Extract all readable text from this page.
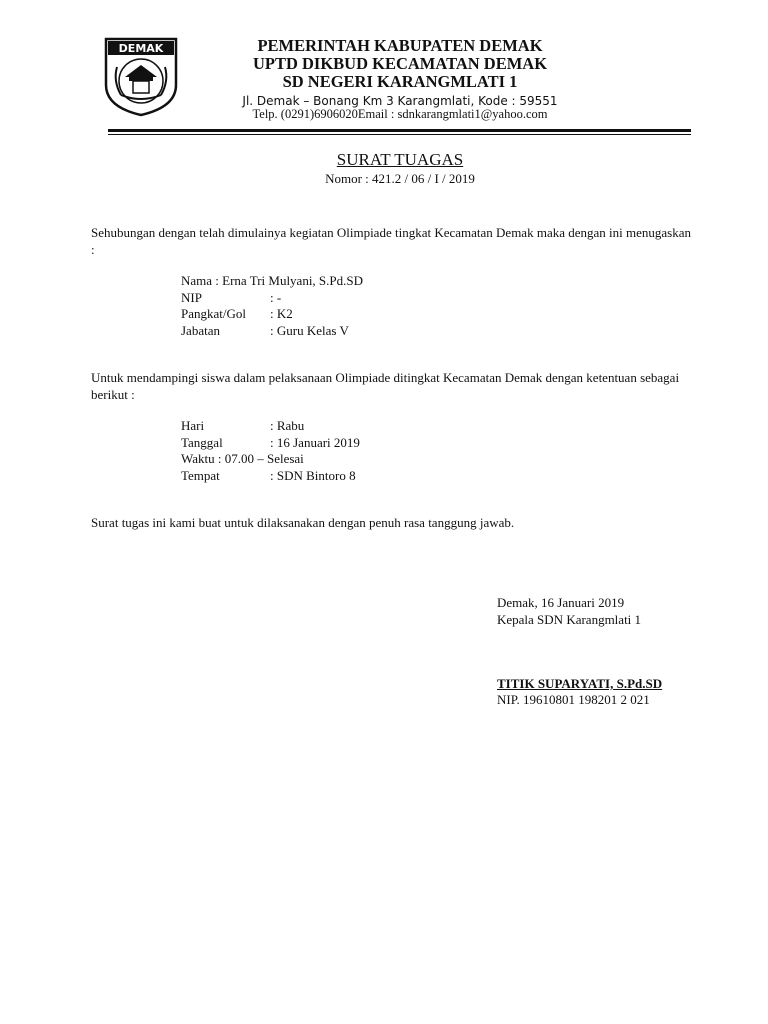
DEMAK	PEMERINTAH KABUPATEN DEMAK
UPTD DIKBUD KECAMATAN DEMAK
SD NEGERI KARANGMLATI 1
Jl. Demak – Bonang Km 3 Karangmlati, Kode : 59551
Telp. (0291)6906020Email : sdnkarangmlati1@yahoo.com
SURAT TUAGAS
Nomor : 421.2 / 06 / I / 2019
Sehubungan dengan telah dimulainya kegiatan Olimpiade tingkat Kecamatan Demak maka dengan ini menugaskan :
Nama : Erna Tri Mulyani, S.Pd.SD
NIP	: -
Pangkat/Gol : K2
Jabatan	: Guru Kelas V
Untuk mendampingi siswa dalam pelaksanaan Olimpiade ditingkat Kecamatan Demak dengan ketentuan sebagai berikut :
Hari	: Rabu
Tanggal	: 16 Januari 2019
Waktu : 07.00 – Selesai
Tempat	: SDN Bintoro 8
Surat tugas ini kami buat untuk dilaksanakan dengan penuh rasa tanggung jawab.
Demak, 16 Januari 2019
Kepala SDN Karangmlati 1
TITIK SUPARYATI, S.Pd.SD
NIP. 19610801 198201 2 021
